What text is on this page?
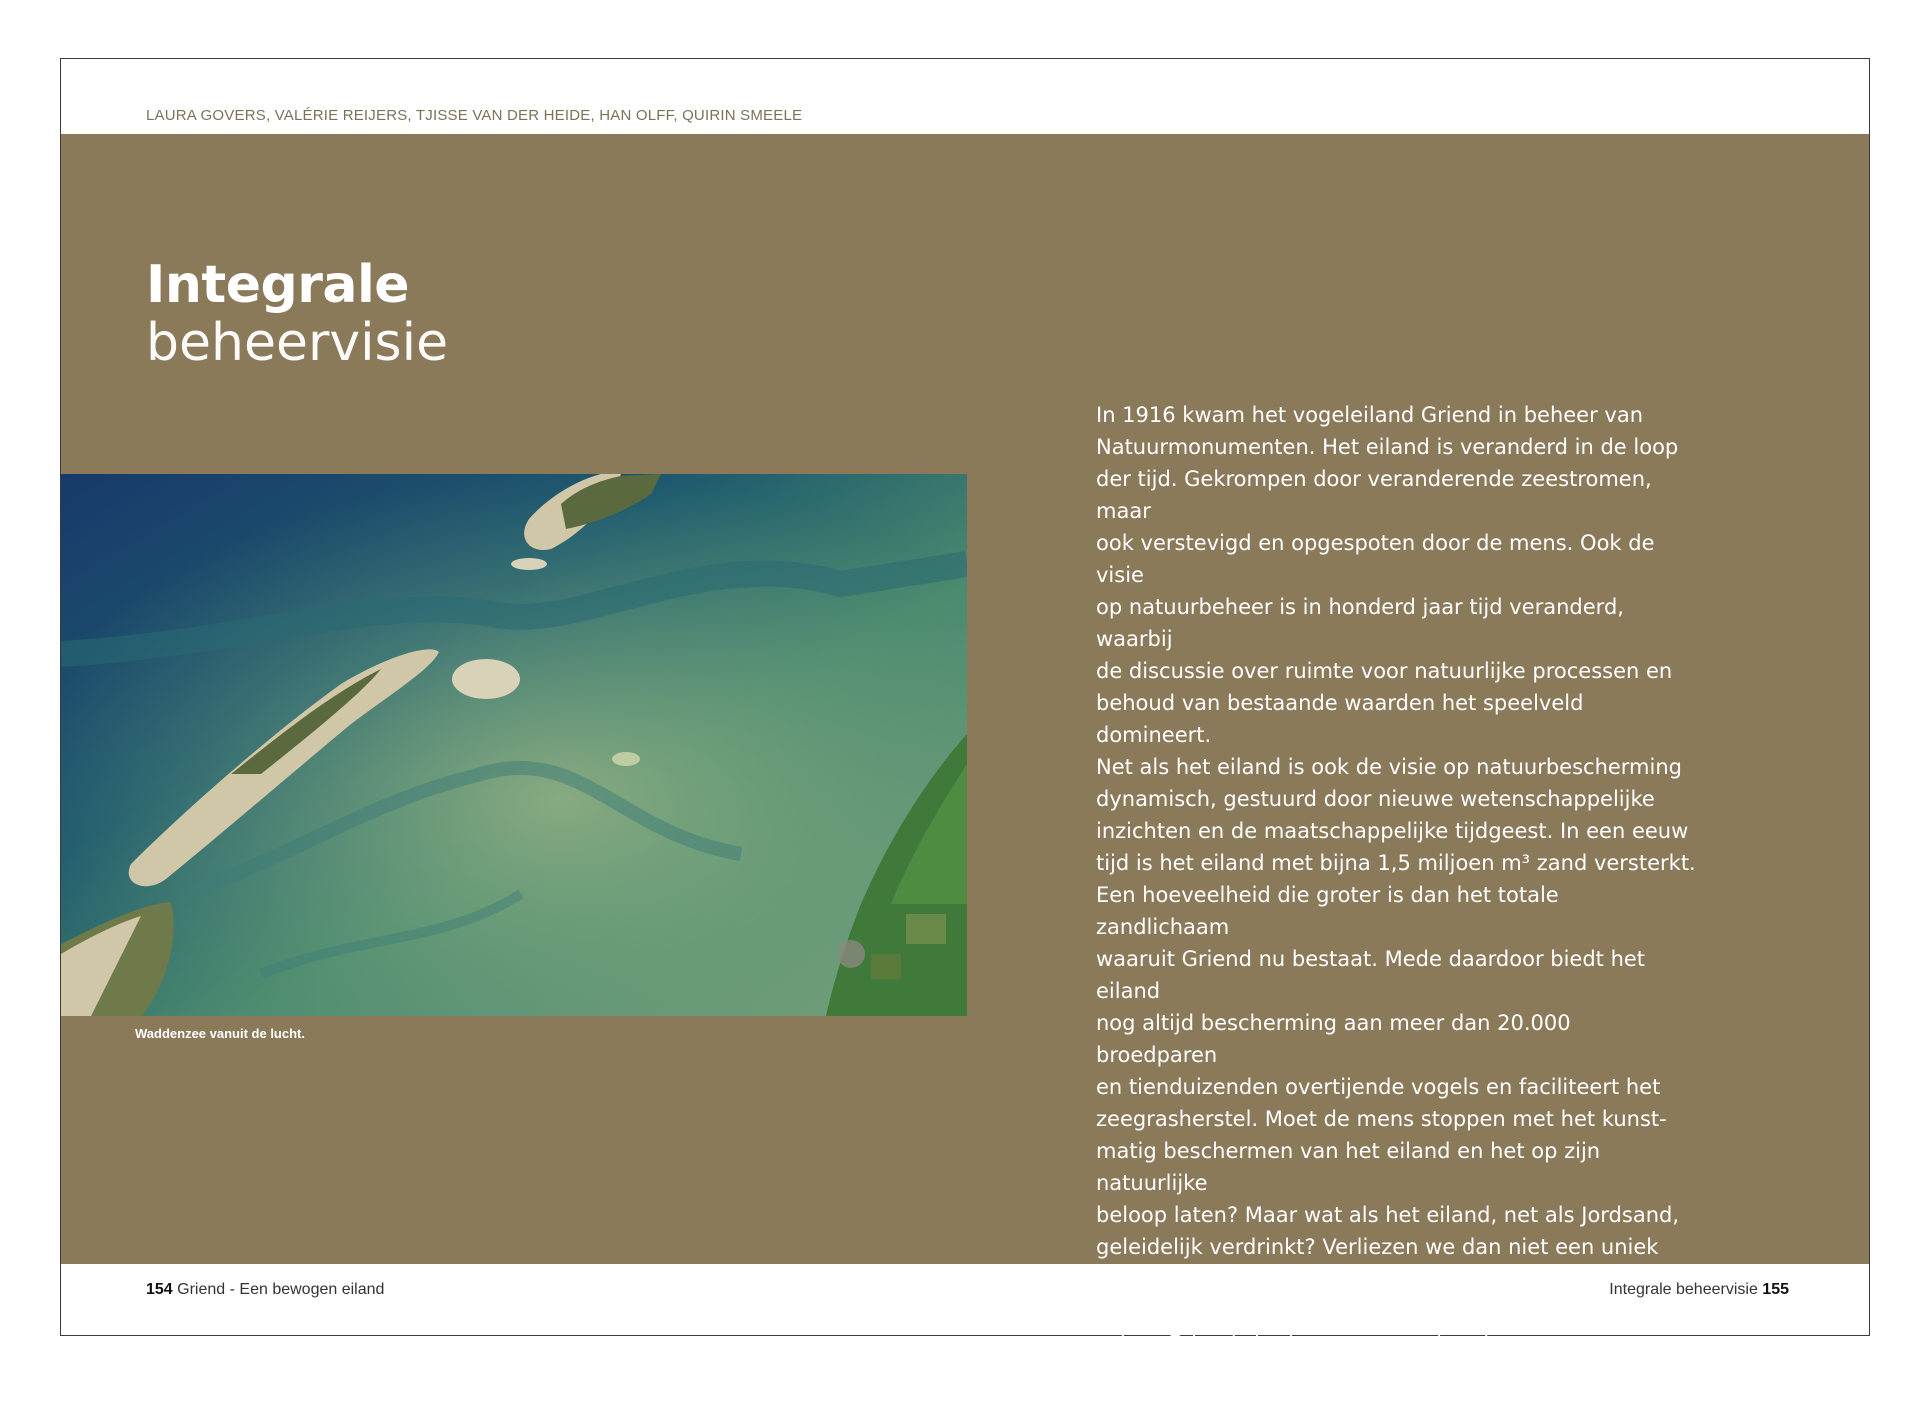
LAURA GOVERS, VALÉRIE REIJERS, TJISSE VAN DER HEIDE, HAN OLFF, QUIRIN SMEELE
Integrale
beheervisie
Waddenzee vanuit de lucht.
In 1916 kwam het vogeleiland Griend in beheer van
Natuurmonumenten. Het eiland is veranderd in de loop
der tijd. Gekrompen door veranderende zeestromen, maar
ook verstevigd en opgespoten door de mens. Ook de visie
op natuurbeheer is in honderd jaar tijd veranderd, waarbij
de discussie over ruimte voor natuurlijke processen en
behoud van bestaande waarden het speelveld domineert.
Net als het eiland is ook de visie op natuurbescherming
dynamisch, gestuurd door nieuwe wetenschappelijke
inzichten en de maatschappelijke tijdgeest. In een eeuw
tijd is het eiland met bijna 1,5 miljoen m³ zand versterkt.
Een hoeveelheid die groter is dan het totale zandlichaam
waaruit Griend nu bestaat. Mede daardoor biedt het eiland
nog altijd bescherming aan meer dan 20.000 broedparen
en tienduizenden overtijende vogels en faciliteert het
zeegrasherstel. Moet de mens stoppen met het kunst-
matig beschermen van het eiland en het op zijn natuurlijke
beloop laten? Maar wat als het eiland, net als Jordsand,
geleidelijk verdrinkt? Verliezen we dan niet een uniek
stukje natuur? En wat is precies het ‘natuurlijke beloop’
in een zo door mensen gevormd landschap? Een ding is
zeker, Griend staat voor een verbonden waddenlandschap
en is een uithangbord voor integraal natuurbeheer.
154 Griend - Een bewogen eiland	Integrale beheervisie 155
